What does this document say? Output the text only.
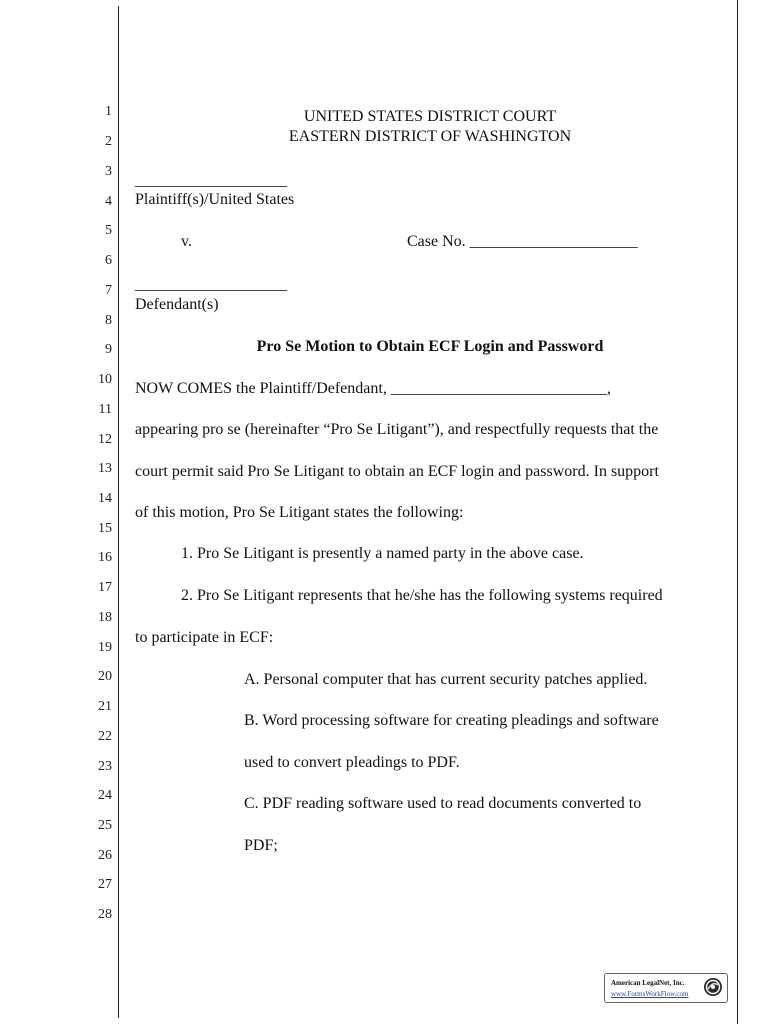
1
2
3
4
5
6
7
8
9
10
11
12
13
14
15
16
17
18
19
20
21
22
23
24
25
26
27
28
UNITED STATES DISTRICT COURT
EASTERN DISTRICT OF WASHINGTON
___________________
Plaintiff(s)/United States
v.	Case No. _____________________
___________________
Defendant(s)
Pro Se Motion to Obtain ECF Login and Password
NOW COMES the Plaintiff/Defendant, ___________________________,
appearing pro se (hereinafter “Pro Se Litigant”), and respectfully requests that the
court permit said Pro Se Litigant to obtain an ECF login and password. In support
of this motion, Pro Se Litigant states the following:
1. Pro Se Litigant is presently a named party in the above case.
2. Pro Se Litigant represents that he/she has the following systems required
to participate in ECF:
A. Personal computer that has current security patches applied.
B. Word processing software for creating pleadings and software
used to convert pleadings to PDF.
C. PDF reading software used to read documents converted to
PDF;
American LegalNet, Inc.
www.FormsWorkFlow.com
